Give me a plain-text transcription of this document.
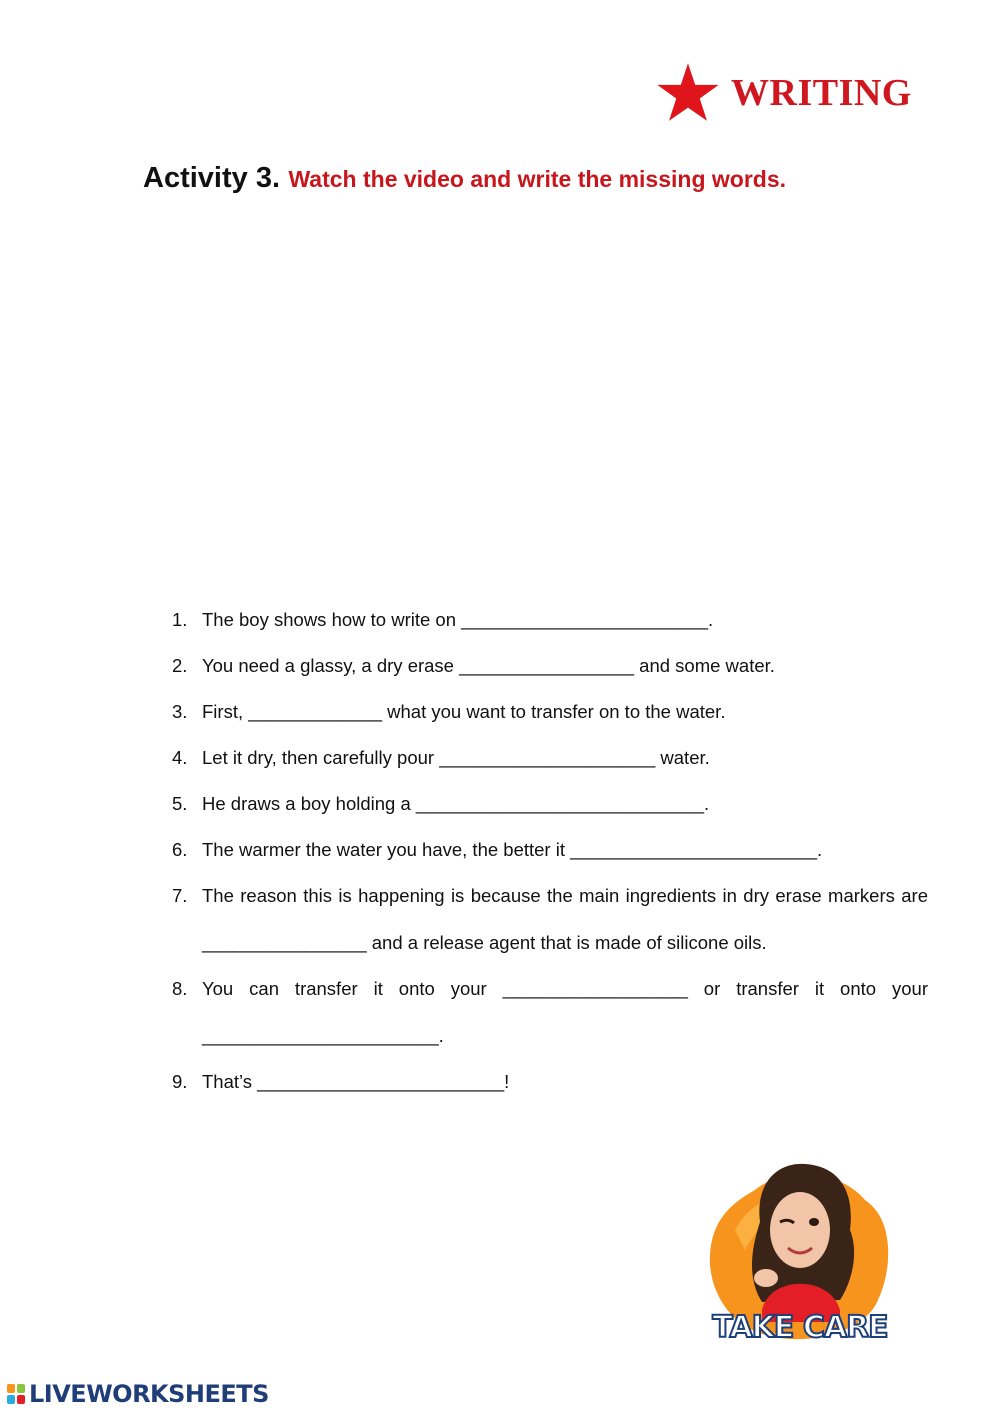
WRITING
Activity 3. Watch the video and write the missing words.
1. The boy shows how to write on ________________________.
2. You need a glassy, a dry erase _________________ and some water.
3. First, _____________ what you want to transfer on to the water.
4. Let it dry, then carefully pour _____________________ water.
5. He draws a boy holding a ____________________________.
6. The warmer the water you have, the better it ________________________.
7. The reason this is happening is because the main ingredients in dry erase markers are ________________ and a release agent that is made of silicone oils.
8. You can transfer it onto your __________________ or transfer it onto your _______________________.
9. That’s ________________________!
TAKE CARE
LIVEWORKSHEETS
